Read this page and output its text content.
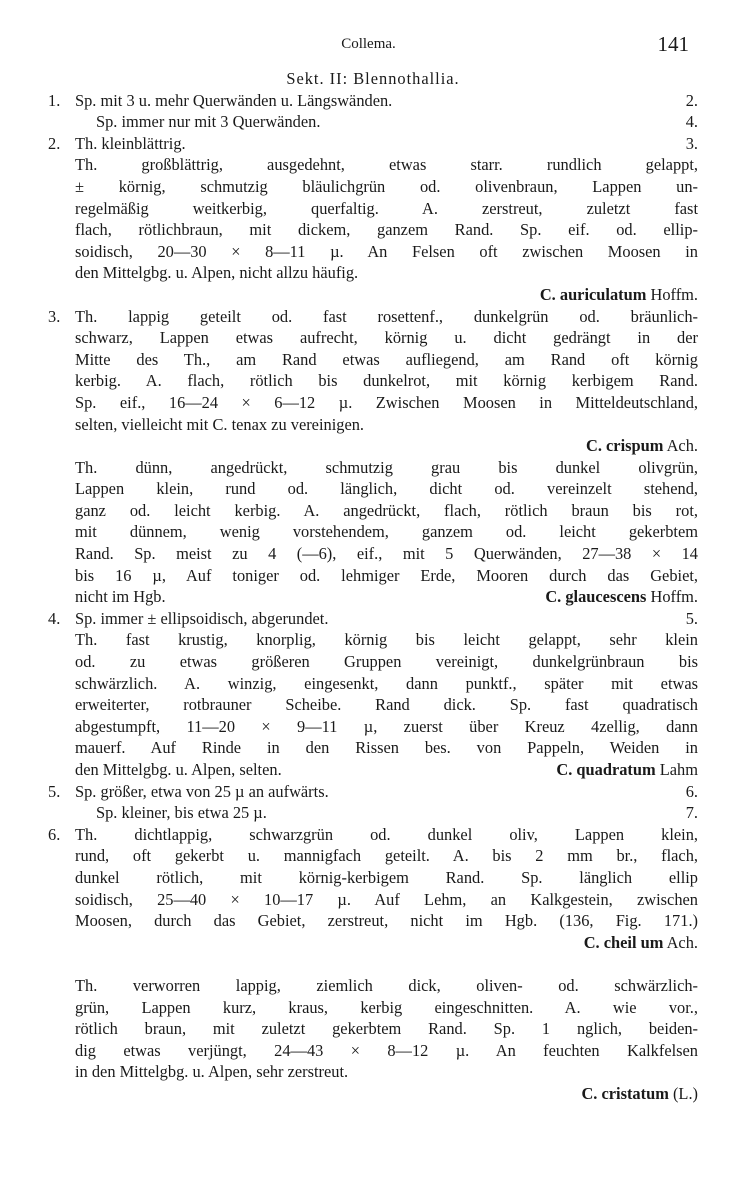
Collema.	141
Sekt. II: Blennothallia.
1. Sp. mit 3 u. mehr Querwänden u. Längswänden.	2.
Sp. immer nur mit 3 Querwänden.	4.
2. Th. kleinblättrig.	3.
Th. großblättrig, ausgedehnt, etwas starr. rundlich gelappt,
± körnig, schmutzig bläulichgrün od. olivenbraun, Lappen un-
regelmäßig weitkerbig, querfaltig. A. zerstreut, zuletzt fast
flach, rötlichbraun, mit dickem, ganzem Rand. Sp. eif. od. ellip-
soidisch, 20—30 × 8—11 µ. An Felsen oft zwischen Moosen in
den Mittelgbg. u. Alpen, nicht allzu häufig.
C. auriculatum Hoffm.
3. Th. lappig geteilt od. fast rosettenf., dunkelgrün od. bräunlich-
schwarz, Lappen etwas aufrecht, körnig u. dicht gedrängt in der
Mitte des Th., am Rand etwas aufliegend, am Rand oft körnig
kerbig. A. flach, rötlich bis dunkelrot, mit körnig kerbigem Rand.
Sp. eif., 16—24 × 6—12 µ. Zwischen Moosen in Mitteldeutschland,
selten, vielleicht mit C. tenax zu vereinigen.
C. crispum Ach.
Th. dünn, angedrückt, schmutzig grau bis dunkel olivgrün,
Lappen klein, rund od. länglich, dicht od. vereinzelt stehend,
ganz od. leicht kerbig. A. angedrückt, flach, rötlich braun bis rot,
mit dünnem, wenig vorstehendem, ganzem od. leicht gekerbtem
Rand. Sp. meist zu 4 (—6), eif., mit 5 Querwänden, 27—38 × 14
bis 16 µ, Auf toniger od. lehmiger Erde, Mooren durch das Gebiet,
nicht im Hgb.	C. glaucescens Hoffm.
4. Sp. immer ± ellipsoidisch, abgerundet.	5.
Th. fast krustig, knorplig, körnig bis leicht gelappt, sehr klein
od. zu etwas größeren Gruppen vereinigt, dunkelgrünbraun bis
schwärzlich. A. winzig, eingesenkt, dann punktf., später mit etwas
erweiterter, rotbrauner Scheibe. Rand dick. Sp. fast quadratisch
abgestumpft, 11—20 × 9—11 µ, zuerst über Kreuz 4zellig, dann
mauerf. Auf Rinde in den Rissen bes. von Pappeln, Weiden in
den Mittelgbg. u. Alpen, selten.	C. quadratum Lahm
5. Sp. größer, etwa von 25 µ an aufwärts.	6.
Sp. kleiner, bis etwa 25 µ.	7.
6. Th. dichtlappig, schwarzgrün od. dunkel oliv, Lappen klein,
rund, oft gekerbt u. mannigfach geteilt. A. bis 2 mm br., flach,
dunkel rötlich, mit körnig-kerbigem Rand. Sp. länglich ellip
soidisch, 25—40 × 10—17 µ. Auf Lehm, an Kalkgestein, zwischen
Moosen, durch das Gebiet, zerstreut, nicht im Hgb. (136, Fig. 171.)
C. cheil um Ach.
Th. verworren lappig, ziemlich dick, oliven- od. schwärzlich-
grün, Lappen kurz, kraus, kerbig eingeschnitten. A. wie vor.,
rötlich braun, mit zuletzt gekerbtem Rand. Sp. 1 nglich, beiden-
dig etwas verjüngt, 24—43 × 8—12 µ. An feuchten Kalkfelsen
in den Mittelgbg. u. Alpen, sehr zerstreut.
C. cristatum (L.)
